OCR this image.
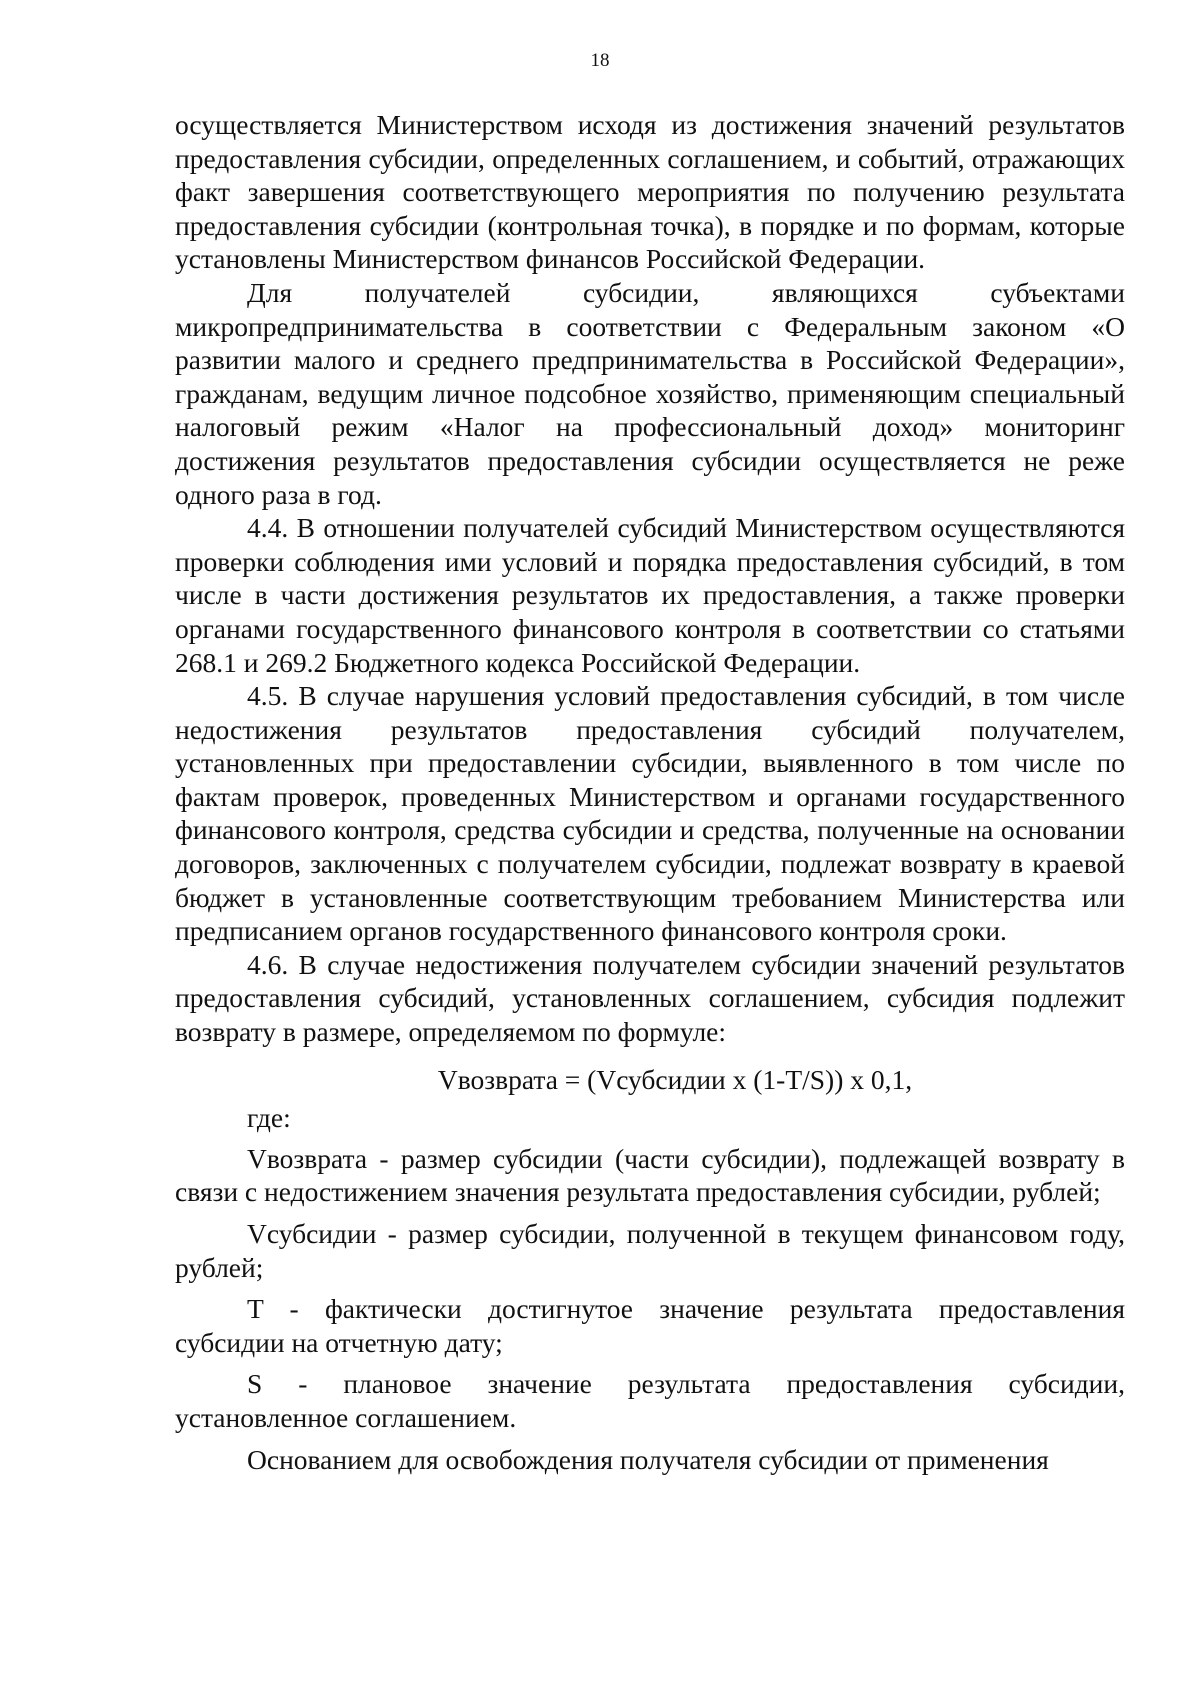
18

осуществляется Министерством исходя из достижения значений результатов предоставления субсидии, определенных соглашением, и событий, отражающих факт завершения соответствующего мероприятия по получению результата предоставления субсидии (контрольная точка), в порядке и по формам, которые установлены Министерством финансов Российской Федерации.

Для получателей субсидии, являющихся субъектами микропредпринимательства в соответствии с Федеральным законом «О развитии малого и среднего предпринимательства в Российской Федерации», гражданам, ведущим личное подсобное хозяйство, применяющим специальный налоговый режим «Налог на профессиональный доход» мониторинг достижения результатов предоставления субсидии осуществляется не реже одного раза в год.

4.4. В отношении получателей субсидий Министерством осуществляются проверки соблюдения ими условий и порядка предоставления субсидий, в том числе в части достижения результатов их предоставления, а также проверки органами государственного финансового контроля в соответствии со статьями 268.1 и 269.2 Бюджетного кодекса Российской Федерации.

4.5. В случае нарушения условий предоставления субсидий, в том числе недостижения результатов предоставления субсидий получателем, установленных при предоставлении субсидии, выявленного в том числе по фактам проверок, проведенных Министерством и органами государственного финансового контроля, средства субсидии и средства, полученные на основании договоров, заключенных с получателем субсидии, подлежат возврату в краевой бюджет в установленные соответствующим требованием Министерства или предписанием органов государственного финансового контроля сроки.

4.6. В случае недостижения получателем субсидии значений результатов предоставления субсидий, установленных соглашением, субсидия подлежит возврату в размере, определяемом по формуле:

Vвозврата = (Vсубсидии x (1-T/S)) x 0,1,

где:

Vвозврата - размер субсидии (части субсидии), подлежащей возврату в связи с недостижением значения результата предоставления субсидии, рублей;

Vсубсидии - размер субсидии, полученной в текущем финансовом году, рублей;

T - фактически достигнутое значение результата предоставления субсидии на отчетную дату;

S - плановое значение результата предоставления субсидии, установленное соглашением.

Основанием для освобождения получателя субсидии от применения
